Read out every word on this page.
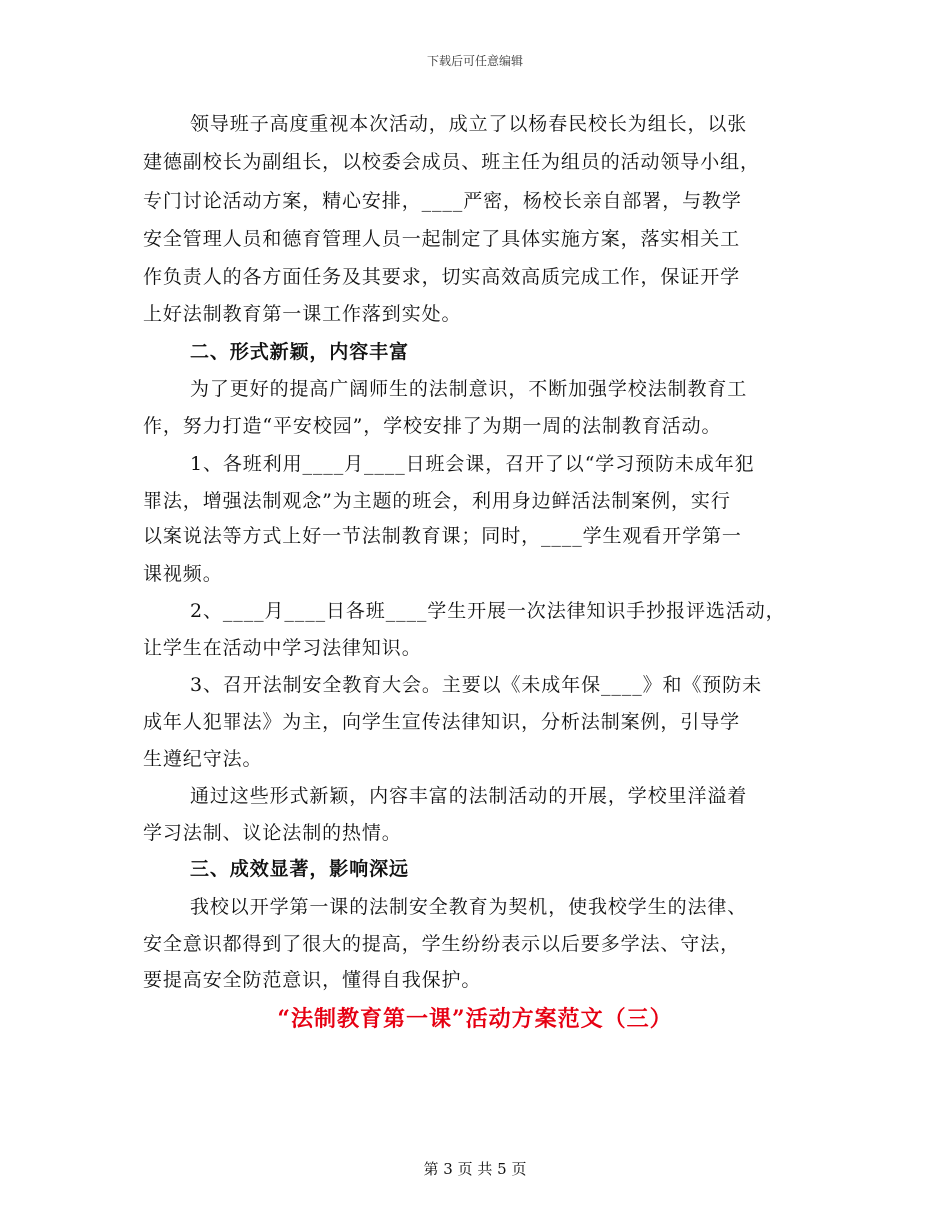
下载后可任意编辑
领导班子高度重视本次活动，成立了以杨春民校长为组长，以张
建德副校长为副组长，以校委会成员、班主任为组员的活动领导小组，
专门讨论活动方案，精心安排，____严密，杨校长亲自部署，与教学
安全管理人员和德育管理人员一起制定了具体实施方案，落实相关工
作负责人的各方面任务及其要求，切实高效高质完成工作，保证开学
上好法制教育第一课工作落到实处。
二、形式新颖，内容丰富
为了更好的提高广阔师生的法制意识，不断加强学校法制教育工
作，努力打造“平安校园”，学校安排了为期一周的法制教育活动。
1、各班利用____月____日班会课，召开了以“学习预防未成年犯
罪法，增强法制观念”为主题的班会，利用身边鲜活法制案例，实行
以案说法等方式上好一节法制教育课；同时，____学生观看开学第一
课视频。
2、____月____日各班____学生开展一次法律知识手抄报评选活动，
让学生在活动中学习法律知识。
3、召开法制安全教育大会。主要以《未成年保____》和《预防未
成年人犯罪法》为主，向学生宣传法律知识，分析法制案例，引导学
生遵纪守法。
通过这些形式新颖，内容丰富的法制活动的开展，学校里洋溢着
学习法制、议论法制的热情。
三、成效显著，影响深远
我校以开学第一课的法制安全教育为契机，使我校学生的法律、
安全意识都得到了很大的提高，学生纷纷表示以后要多学法、守法，
要提高安全防范意识，懂得自我保护。
“法制教育第一课”活动方案范文（三）
第 3 页 共 5 页
